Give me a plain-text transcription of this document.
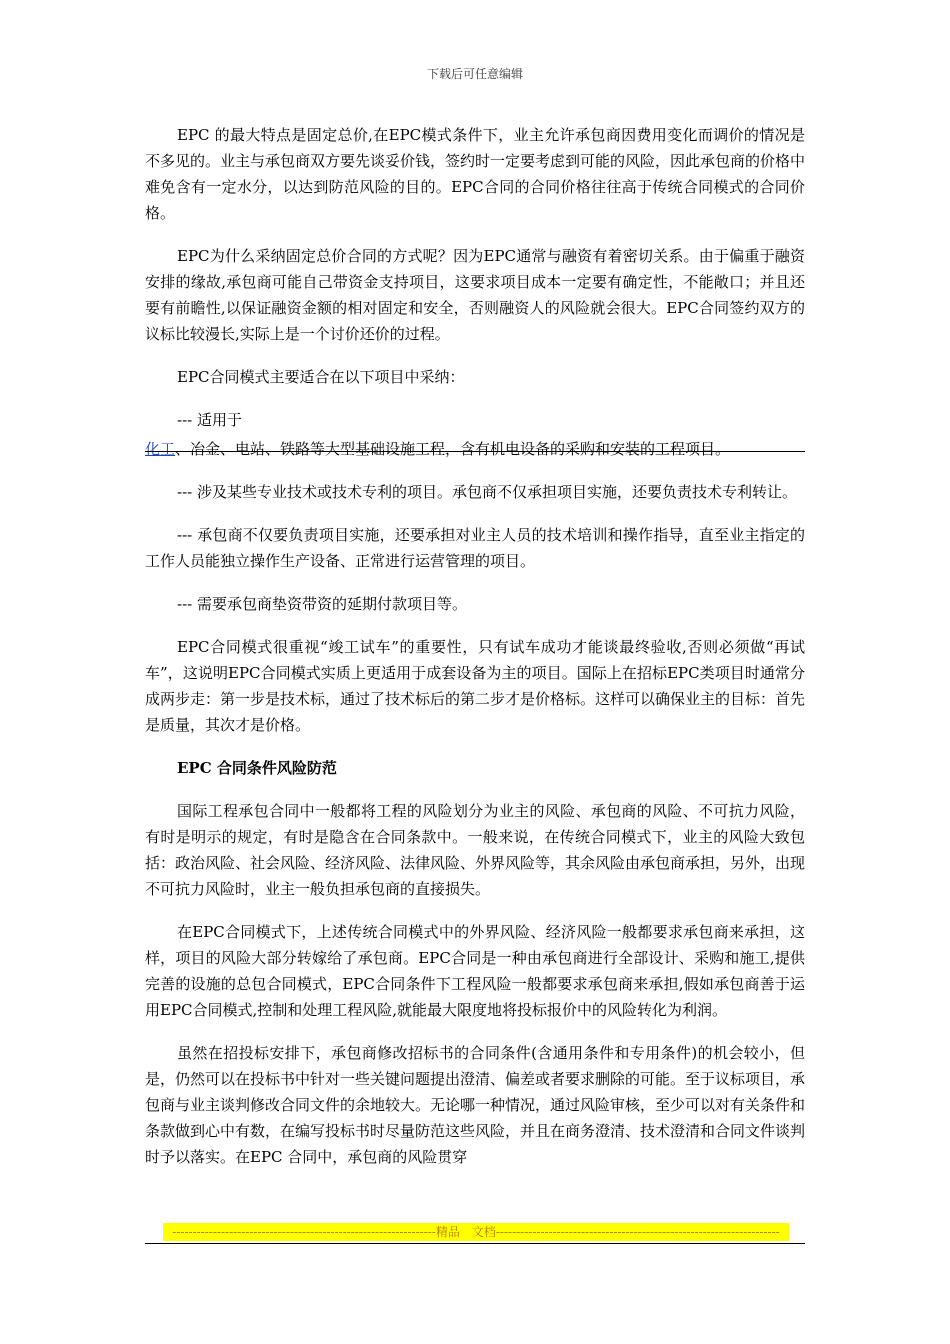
下载后可任意编辑

EPC 的最大特点是固定总价,在EPC模式条件下，业主允许承包商因费用变化而调价的情况是不多见的。业主与承包商双方要先谈妥价钱，签约时一定要考虑到可能的风险，因此承包商的价格中难免含有一定水分，以达到防范风险的目的。EPC合同的合同价格往往高于传统合同模式的合同价格。

EPC为什么采纳固定总价合同的方式呢？因为EPC通常与融资有着密切关系。由于偏重于融资安排的缘故,承包商可能自己带资金支持项目，这要求项目成本一定要有确定性，不能敞口；并且还要有前瞻性,以保证融资金额的相对固定和安全，否则融资人的风险就会很大。EPC合同签约双方的议标比较漫长,实际上是一个讨价还价的过程。

EPC合同模式主要适合在以下项目中采纳：

--- 适用于

化工、冶金、电站、铁路等大型基础设施工程，含有机电设备的采购和安装的工程项目。

--- 涉及某些专业技术或技术专利的项目。承包商不仅承担项目实施，还要负责技术专利转让。

--- 承包商不仅要负责项目实施，还要承担对业主人员的技术培训和操作指导，直至业主指定的工作人员能独立操作生产设备、正常进行运营管理的项目。

--- 需要承包商垫资带资的延期付款项目等。

EPC合同模式很重视“竣工试车”的重要性，只有试车成功才能谈最终验收,否则必须做“再试车”，这说明EPC合同模式实质上更适用于成套设备为主的项目。国际上在招标EPC类项目时通常分成两步走：第一步是技术标，通过了技术标后的第二步才是价格标。这样可以确保业主的目标：首先是质量，其次才是价格。

EPC 合同条件风险防范

国际工程承包合同中一般都将工程的风险划分为业主的风险、承包商的风险、不可抗力风险，有时是明示的规定，有时是隐含在合同条款中。一般来说，在传统合同模式下，业主的风险大致包括：政治风险、社会风险、经济风险、法律风险、外界风险等，其余风险由承包商承担，另外，出现不可抗力风险时，业主一般负担承包商的直接损失。

在EPC合同模式下，上述传统合同模式中的外界风险、经济风险一般都要求承包商来承担，这样，项目的风险大部分转嫁给了承包商。EPC合同是一种由承包商进行全部设计、采购和施工,提供完善的设施的总包合同模式，EPC合同条件下工程风险一般都要求承包商来承担,假如承包商善于运用EPC合同模式,控制和处理工程风险,就能最大限度地将投标报价中的风险转化为利润。

虽然在招投标安排下，承包商修改招标书的合同条件(含通用条件和专用条件)的机会较小，但是，仍然可以在投标书中针对一些关键问题提出澄清、偏差或者要求删除的可能。至于议标项目，承包商与业主谈判修改合同文件的余地较大。无论哪一种情况，通过风险审核，至少可以对有关条件和条款做到心中有数，在编写投标书时尽量防范这些风险，并且在商务澄清、技术澄清和合同文件谈判时予以落实。在EPC 合同中，承包商的风险贯穿

-----------------------------------------------------------------精品　文档----------------------------------------------------------------------
